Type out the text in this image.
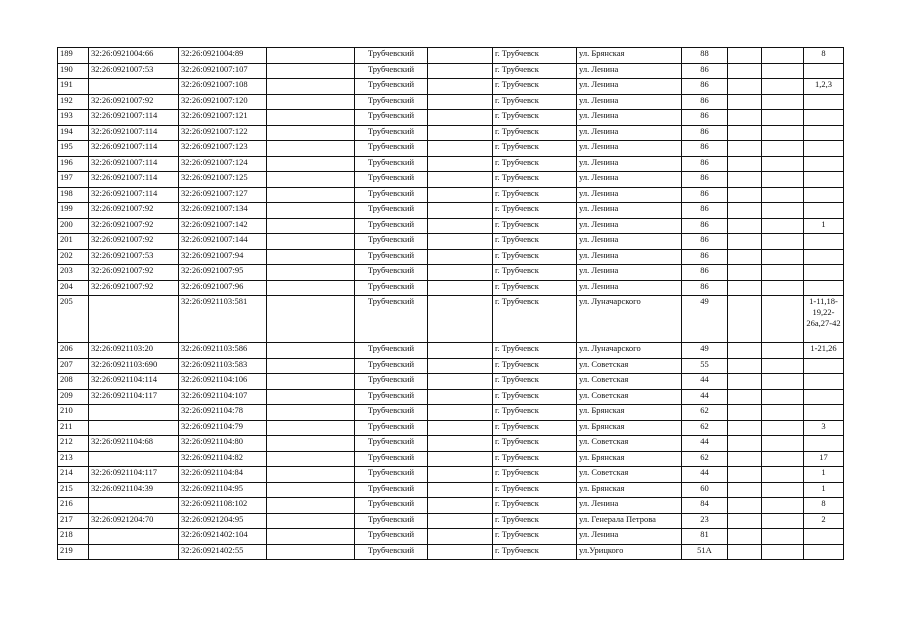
189	32:26:0921004:66	32:26:0921004:89		Трубчевский		г. Трубчевск	ул. Брянская	88			8
190	32:26:0921007:53	32:26:0921007:107		Трубчевский		г. Трубчевск	ул. Ленина	86			
191		32:26:0921007:108		Трубчевский		г. Трубчевск	ул. Ленина	86			1,2,3
192	32:26:0921007:92	32:26:0921007:120		Трубчевский		г. Трубчевск	ул. Ленина	86			
193	32:26:0921007:114	32:26:0921007:121		Трубчевский		г. Трубчевск	ул. Ленина	86			
194	32:26:0921007:114	32:26:0921007:122		Трубчевский		г. Трубчевск	ул. Ленина	86			
195	32:26:0921007:114	32:26:0921007:123		Трубчевский		г. Трубчевск	ул. Ленина	86			
196	32:26:0921007:114	32:26:0921007:124		Трубчевский		г. Трубчевск	ул. Ленина	86			
197	32:26:0921007:114	32:26:0921007:125		Трубчевский		г. Трубчевск	ул. Ленина	86			
198	32:26:0921007:114	32:26:0921007:127		Трубчевский		г. Трубчевск	ул. Ленина	86			
199	32:26:0921007:92	32:26:0921007:134		Трубчевский		г. Трубчевск	ул. Ленина	86			
200	32:26:0921007:92	32:26:0921007:142		Трубчевский		г. Трубчевск	ул. Ленина	86			1
201	32:26:0921007:92	32:26:0921007:144		Трубчевский		г. Трубчевск	ул. Ленина	86			
202	32:26:0921007:53	32:26:0921007:94		Трубчевский		г. Трубчевск	ул. Ленина	86			
203	32:26:0921007:92	32:26:0921007:95		Трубчевский		г. Трубчевск	ул. Ленина	86			
204	32:26:0921007:92	32:26:0921007:96		Трубчевский		г. Трубчевск	ул. Ленина	86			
205		32:26:0921103:581		Трубчевский		г. Трубчевск	ул. Луначарского	49			1-11,18-19,22-26а,27-42
206	32:26:0921103:20	32:26:0921103:586		Трубчевский		г. Трубчевск	ул. Луначарского	49			1-21,26
207	32:26:0921103:690	32:26:0921103:583		Трубчевский		г. Трубчевск	ул. Советская	55			
208	32:26:0921104:114	32:26:0921104:106		Трубчевский		г. Трубчевск	ул. Советская	44			
209	32:26:0921104:117	32:26:0921104:107		Трубчевский		г. Трубчевск	ул. Советская	44			
210		32:26:0921104:78		Трубчевский		г. Трубчевск	ул. Брянская	62			
211		32:26:0921104:79		Трубчевский		г. Трубчевск	ул. Брянская	62			3
212	32:26:0921104:68	32:26:0921104:80		Трубчевский		г. Трубчевск	ул. Советская	44			
213		32:26:0921104:82		Трубчевский		г. Трубчевск	ул. Брянская	62			17
214	32:26:0921104:117	32:26:0921104:84		Трубчевский		г. Трубчевск	ул. Советская	44			1
215	32:26:0921104:39	32:26:0921104:95		Трубчевский		г. Трубчевск	ул. Брянская	60			1
216		32:26:0921108:102		Трубчевский		г. Трубчевск	ул. Ленина	84			8
217	32:26:0921204:70	32:26:0921204:95		Трубчевский		г. Трубчевск	ул. Генерала Петрова	23			2
218		32:26:0921402:104		Трубчевский		г. Трубчевск	ул. Ленина	81			
219		32:26:0921402:55		Трубчевский		г. Трубчевск	ул.Урицкого	51А			
